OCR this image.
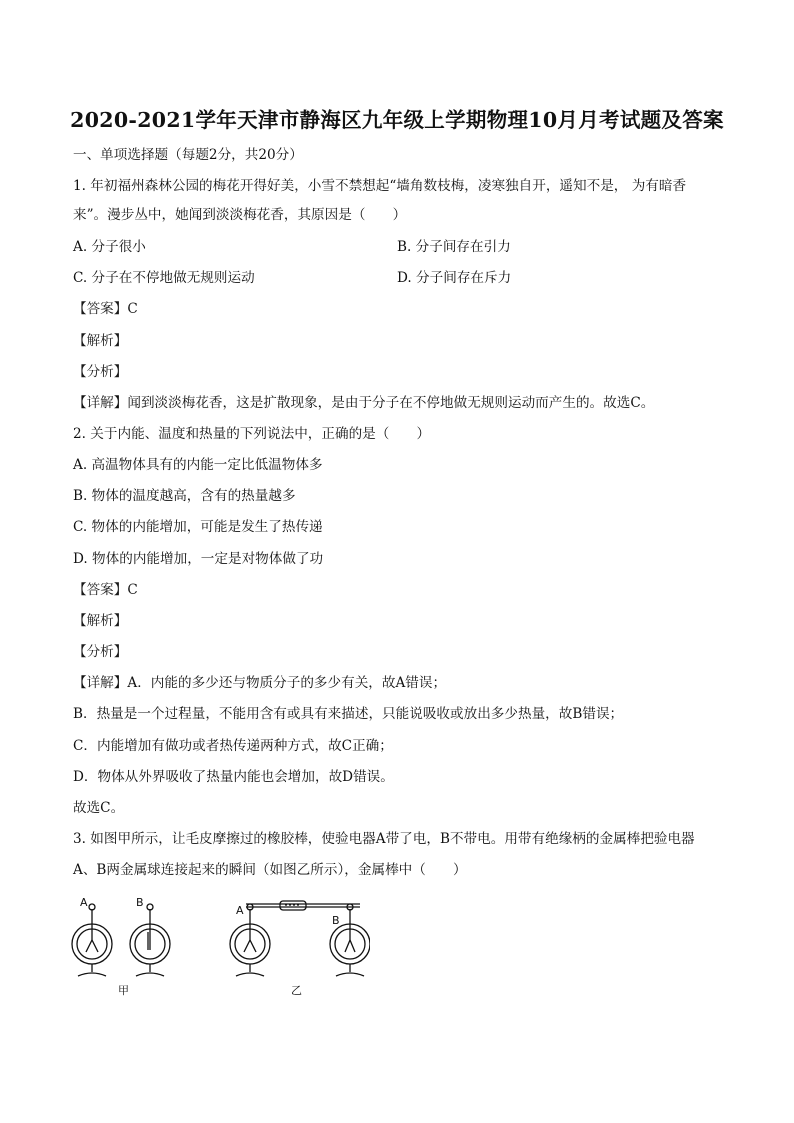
2020-2021学年天津市静海区九年级上学期物理10月月考试题及答案
一、单项选择题（每题2分，共20分）
1. 年初福州森林公园的梅花开得好美，小雪不禁想起“墙角数枝梅，凌寒独自开，遥知不是， 为有暗香
来”。漫步丛中，她闻到淡淡梅花香，其原因是（　　）
A. 分子很小	B. 分子间存在引力
C. 分子在不停地做无规则运动	D. 分子间存在斥力
【答案】C
【解析】
【分析】
【详解】闻到淡淡梅花香，这是扩散现象，是由于分子在不停地做无规则运动而产生的。故选C。
2. 关于内能、温度和热量的下列说法中，正确的是（　　）
A. 高温物体具有的内能一定比低温物体多
B. 物体的温度越高，含有的热量越多
C. 物体的内能增加，可能是发生了热传递
D. 物体的内能增加，一定是对物体做了功
【答案】C
【解析】
【分析】
【详解】A．内能的多少还与物质分子的多少有关，故A错误；
B．热量是一个过程量，不能用含有或具有来描述，只能说吸收或放出多少热量，故B错误；
C．内能增加有做功或者热传递两种方式，故C正确；
D．物体从外界吸收了热量内能也会增加，故D错误。
故选C。
3. 如图甲所示，让毛皮摩擦过的橡胶棒，使验电器A带了电，B不带电。用带有绝缘柄的金属棒把验电器
A、B两金属球连接起来的瞬间（如图乙所示），金属棒中（　　）
A	B
A
B
甲	乙
